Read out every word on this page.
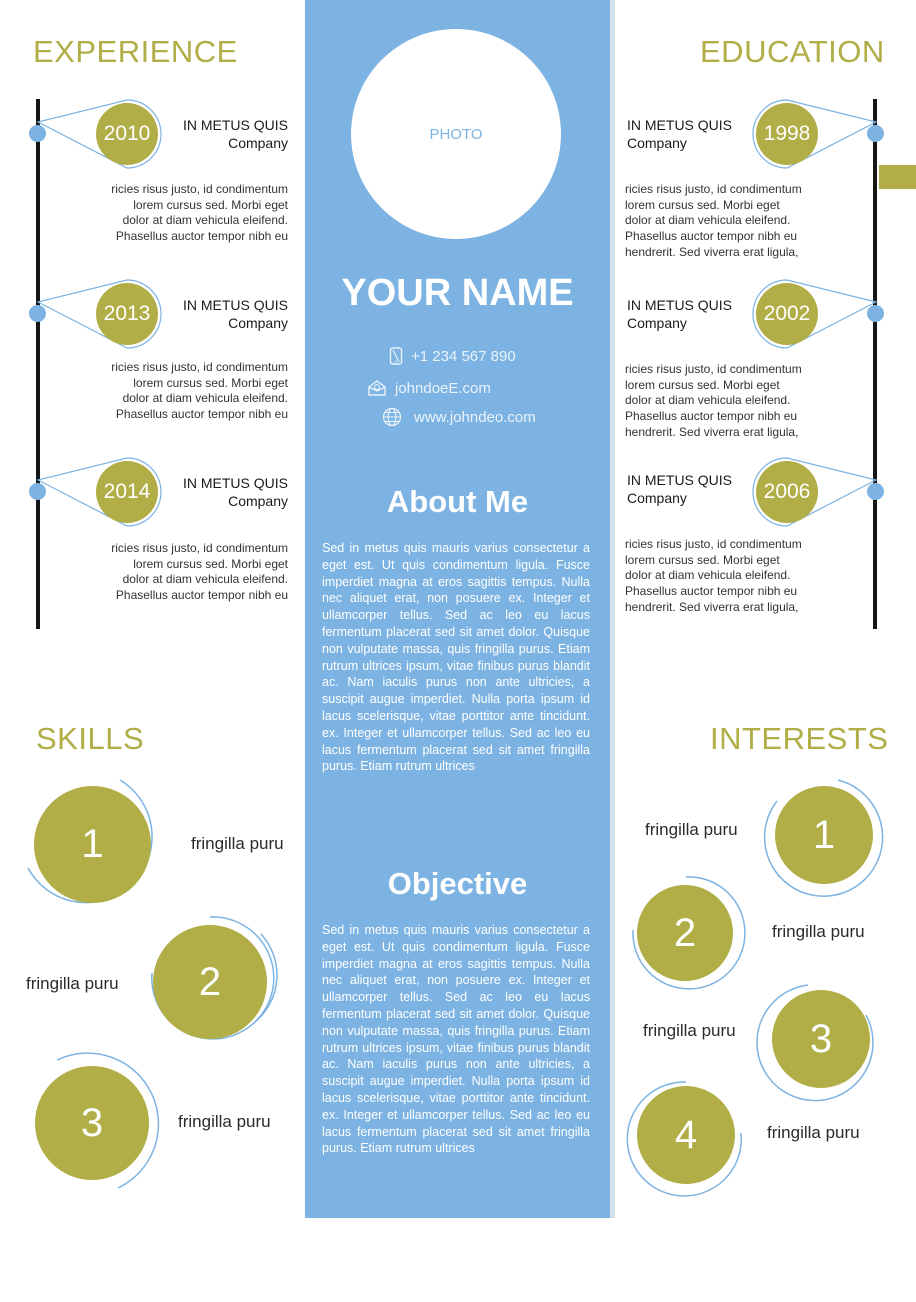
PHOTO
YOUR NAME
+1 234 567 890
johndoeE.com
www.johndeo.com
About Me
Sed in metus quis mauris varius consectetur a eget est. Ut quis condimentum ligula. Fusce imperdiet magna at eros sagittis tempus. Nulla nec aliquet erat, non posuere ex. Integer et ullamcorper tellus. Sed ac leo eu lacus fermentum placerat sed sit amet dolor. Quisque non vulputate massa, quis fringilla purus. Etiam rutrum ultrices ipsum, vitae finibus purus blandit ac. Nam iaculis purus non ante ultricies, a suscipit augue imperdiet. Nulla porta ipsum id lacus scelerisque, vitae porttitor ante tincidunt. ex. Integer et ullamcorper tellus. Sed ac leo eu lacus fermentum placerat sed sit amet fringilla purus. Etiam rutrum ultrices
Objective
Sed in metus quis mauris varius consectetur a eget est. Ut quis condimentum ligula. Fusce imperdiet magna at eros sagittis tempus. Nulla nec aliquet erat, non posuere ex. Integer et ullamcorper tellus. Sed ac leo eu lacus fermentum placerat sed sit amet dolor. Quisque non vulputate massa, quis fringilla purus. Etiam rutrum ultrices ipsum, vitae finibus purus blandit ac. Nam iaculis purus non ante ultricies, a suscipit augue imperdiet. Nulla porta ipsum id lacus scelerisque, vitae porttitor ante tincidunt. ex. Integer et ullamcorper tellus. Sed ac leo eu lacus fermentum placerat sed sit amet fringilla purus. Etiam rutrum ultrices
EXPERIENCE
2010	IN METUS QUIS
Company
ricies risus justo, id condimentum
lorem cursus sed. Morbi eget
dolor at diam vehicula eleifend.
Phasellus auctor tempor nibh eu
2013	IN METUS QUIS
Company
ricies risus justo, id condimentum
lorem cursus sed. Morbi eget
dolor at diam vehicula eleifend.
Phasellus auctor tempor nibh eu
2014	IN METUS QUIS
Company
ricies risus justo, id condimentum
lorem cursus sed. Morbi eget
dolor at diam vehicula eleifend.
Phasellus auctor tempor nibh eu
EDUCATION
1998
IN METUS QUIS
Company
ricies risus justo, id condimentum
lorem cursus sed. Morbi eget
dolor at diam vehicula eleifend.
Phasellus auctor tempor nibh eu
hendrerit. Sed viverra erat ligula,
2002
IN METUS QUIS
Company
ricies risus justo, id condimentum
lorem cursus sed. Morbi eget
dolor at diam vehicula eleifend.
Phasellus auctor tempor nibh eu
hendrerit. Sed viverra erat ligula,
2006
IN METUS QUIS
Company
ricies risus justo, id condimentum
lorem cursus sed. Morbi eget
dolor at diam vehicula eleifend.
Phasellus auctor tempor nibh eu
hendrerit. Sed viverra erat ligula,
SKILLS
1	fringilla puru
2
fringilla puru
3	fringilla puru
INTERESTS
1
fringilla puru
2	fringilla puru
3
fringilla puru
4	fringilla puru
